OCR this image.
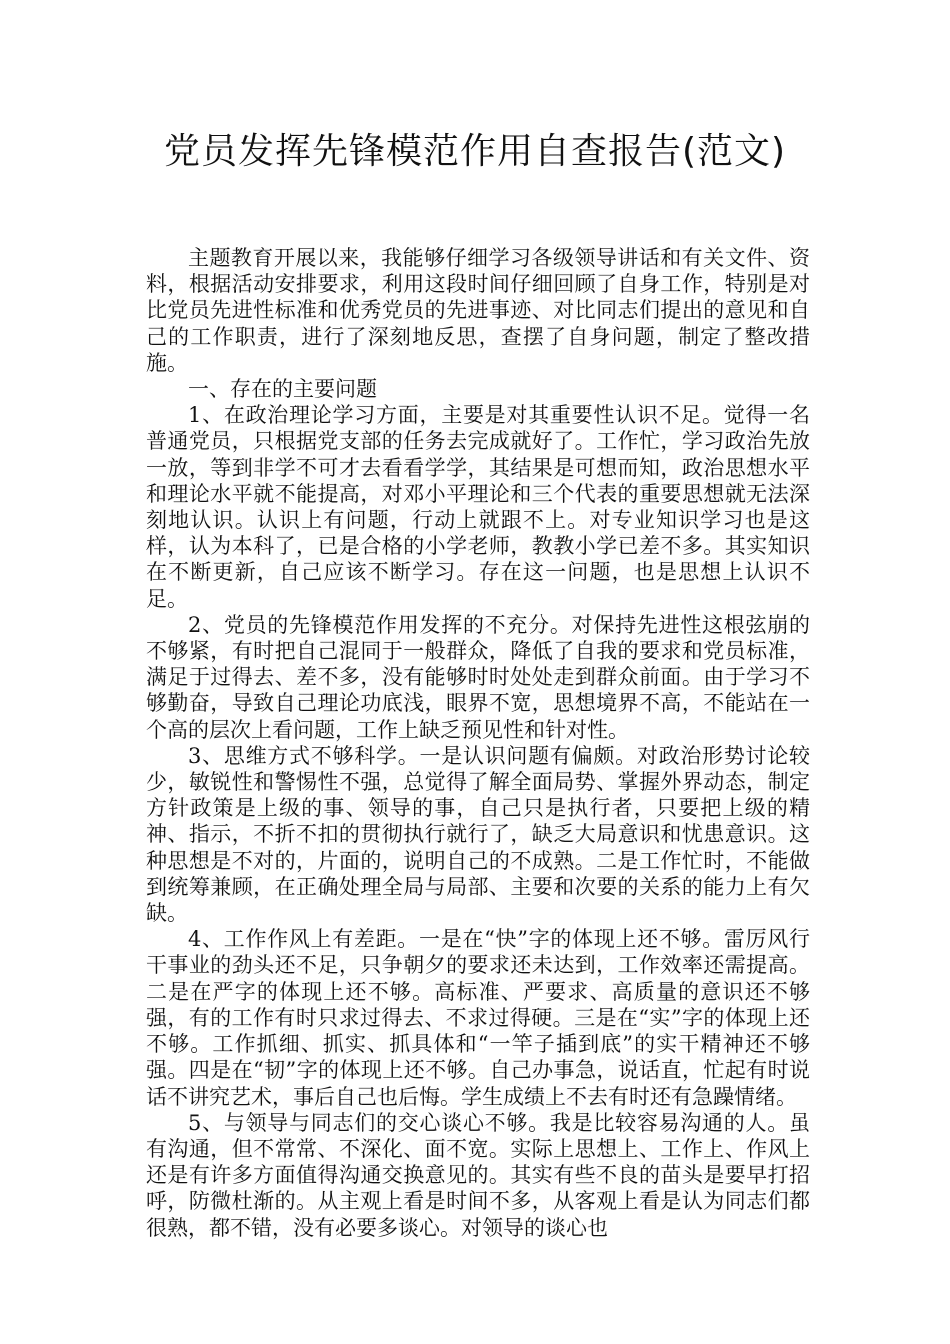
党员发挥先锋模范作用自查报告(范文)

主题教育开展以来，我能够仔细学习各级领导讲话和有关文件、资料，根据活动安排要求，利用这段时间仔细回顾了自身工作，特别是对比党员先进性标准和优秀党员的先进事迹、对比同志们提出的意见和自己的工作职责，进行了深刻地反思，查摆了自身问题，制定了整改措施。

一、存在的主要问题

1、在政治理论学习方面，主要是对其重要性认识不足。觉得一名普通党员，只根据党支部的任务去完成就好了。工作忙，学习政治先放一放，等到非学不可才去看看学学，其结果是可想而知，政治思想水平和理论水平就不能提高，对邓小平理论和三个代表的重要思想就无法深刻地认识。认识上有问题，行动上就跟不上。对专业知识学习也是这样，认为本科了，已是合格的小学老师，教教小学已差不多。其实知识在不断更新，自己应该不断学习。存在这一问题，也是思想上认识不足。

2、党员的先锋模范作用发挥的不充分。对保持先进性这根弦崩的不够紧，有时把自己混同于一般群众，降低了自我的要求和党员标准，满足于过得去、差不多，没有能够时时处处走到群众前面。由于学习不够勤奋，导致自己理论功底浅，眼界不宽，思想境界不高，不能站在一个高的层次上看问题，工作上缺乏预见性和针对性。

3、思维方式不够科学。一是认识问题有偏颇。对政治形势讨论较少，敏锐性和警惕性不强，总觉得了解全面局势、掌握外界动态，制定方针政策是上级的事、领导的事，自己只是执行者，只要把上级的精神、指示，不折不扣的贯彻执行就行了，缺乏大局意识和忧患意识。这种思想是不对的，片面的，说明自己的不成熟。二是工作忙时，不能做到统筹兼顾，在正确处理全局与局部、主要和次要的关系的能力上有欠缺。

4、工作作风上有差距。一是在“快”字的体现上还不够。雷厉风行干事业的劲头还不足，只争朝夕的要求还未达到，工作效率还需提高。二是在严字的体现上还不够。高标准、严要求、高质量的意识还不够强，有的工作有时只求过得去、不求过得硬。三是在“实”字的体现上还不够。工作抓细、抓实、抓具体和“一竿子插到底”的实干精神还不够强。四是在“韧”字的体现上还不够。自己办事急，说话直，忙起有时说话不讲究艺术，事后自己也后悔。学生成绩上不去有时还有急躁情绪。

5、与领导与同志们的交心谈心不够。我是比较容易沟通的人。虽有沟通，但不常常、不深化、面不宽。实际上思想上、工作上、作风上还是有许多方面值得沟通交换意见的。其实有些不良的苗头是要早打招呼，防微杜渐的。从主观上看是时间不多，从客观上看是认为同志们都很熟，都不错，没有必要多谈心。对领导的谈心也
